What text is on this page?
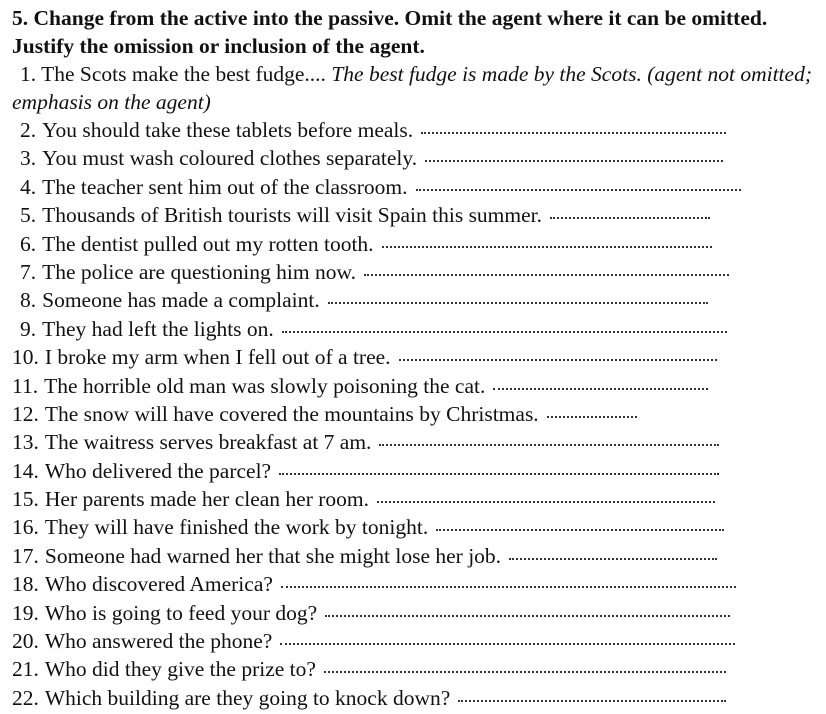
5. Change from the active into the passive. Omit the agent where it can be omitted. Justify the omission or inclusion of the agent.

1. The Scots make the best fudge.... The best fudge is made by the Scots. (agent not omitted; emphasis on the agent)

2. You should take these tablets before meals.
3. You must wash coloured clothes separately.
4. The teacher sent him out of the classroom.
5. Thousands of British tourists will visit Spain this summer.
6. The dentist pulled out my rotten tooth.
7. The police are questioning him now.
8. Someone has made a complaint.
9. They had left the lights on.
10. I broke my arm when I fell out of a tree.
11. The horrible old man was slowly poisoning the cat.
12. The snow will have covered the mountains by Christmas.
13. The waitress serves breakfast at 7 am.
14. Who delivered the parcel?
15. Her parents made her clean her room.
16. They will have finished the work by tonight.
17. Someone had warned her that she might lose her job.
18. Who discovered America?
19. Who is going to feed your dog?
20. Who answered the phone?
21. Who did they give the prize to?
22. Which building are they going to knock down?
